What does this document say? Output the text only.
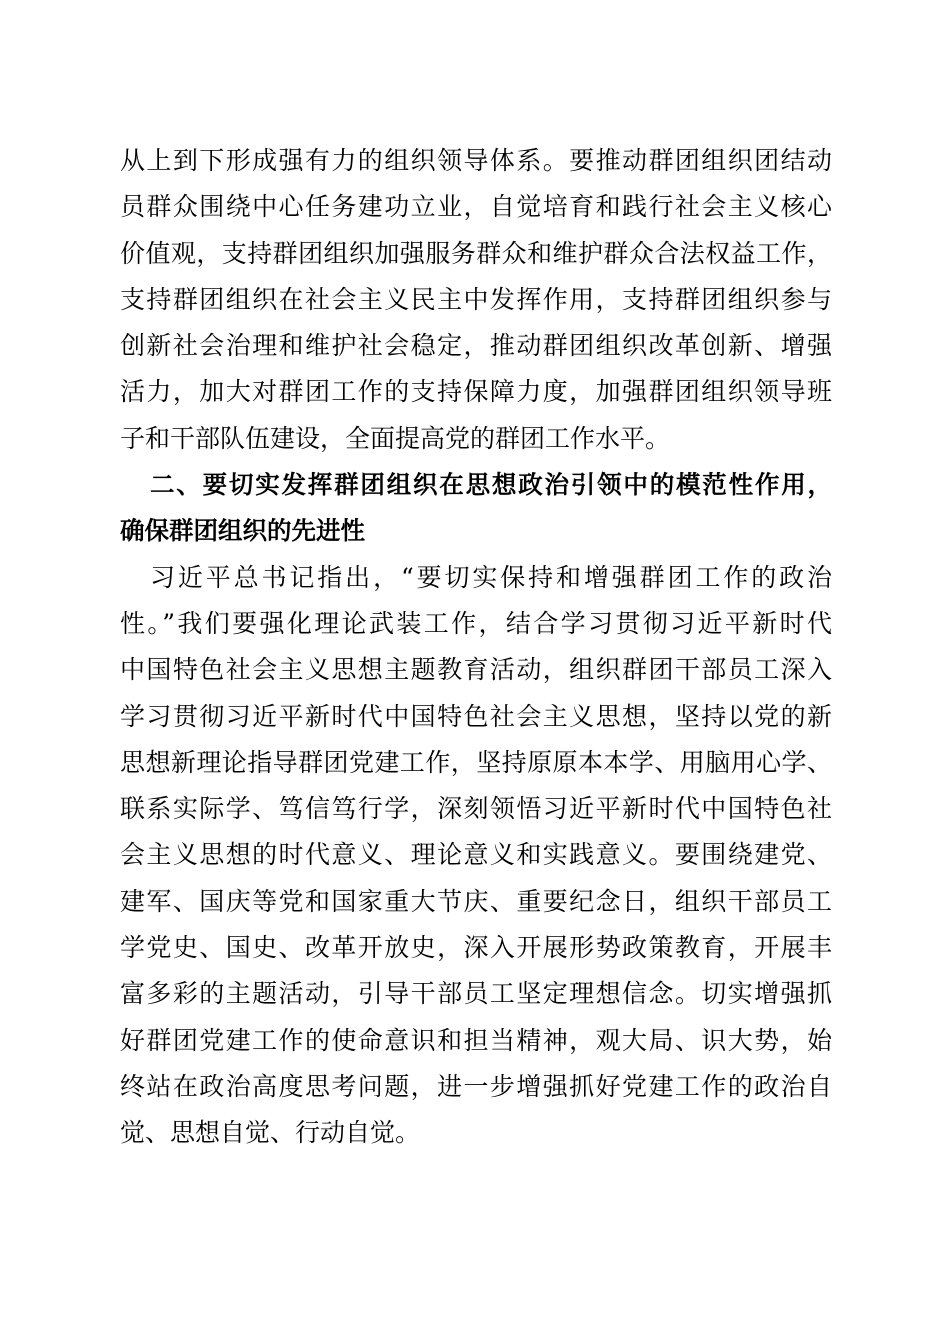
从上到下形成强有力的组织领导体系。要推动群团组织团结动
员群众围绕中心任务建功立业，自觉培育和践行社会主义核心
价值观，支持群团组织加强服务群众和维护群众合法权益工作，
支持群团组织在社会主义民主中发挥作用，支持群团组织参与
创新社会治理和维护社会稳定，推动群团组织改革创新、增强
活力，加大对群团工作的支持保障力度，加强群团组织领导班
子和干部队伍建设，全面提高党的群团工作水平。
二、要切实发挥群团组织在思想政治引领中的模范性作用，
确保群团组织的先进性
习近平总书记指出，“要切实保持和增强群团工作的政治
性。”我们要强化理论武装工作，结合学习贯彻习近平新时代
中国特色社会主义思想主题教育活动，组织群团干部员工深入
学习贯彻习近平新时代中国特色社会主义思想，坚持以党的新
思想新理论指导群团党建工作，坚持原原本本学、用脑用心学、
联系实际学、笃信笃行学，深刻领悟习近平新时代中国特色社
会主义思想的时代意义、理论意义和实践意义。要围绕建党、
建军、国庆等党和国家重大节庆、重要纪念日，组织干部员工
学党史、国史、改革开放史，深入开展形势政策教育，开展丰
富多彩的主题活动，引导干部员工坚定理想信念。切实增强抓
好群团党建工作的使命意识和担当精神，观大局、识大势，始
终站在政治高度思考问题，进一步增强抓好党建工作的政治自
觉、思想自觉、行动自觉。
